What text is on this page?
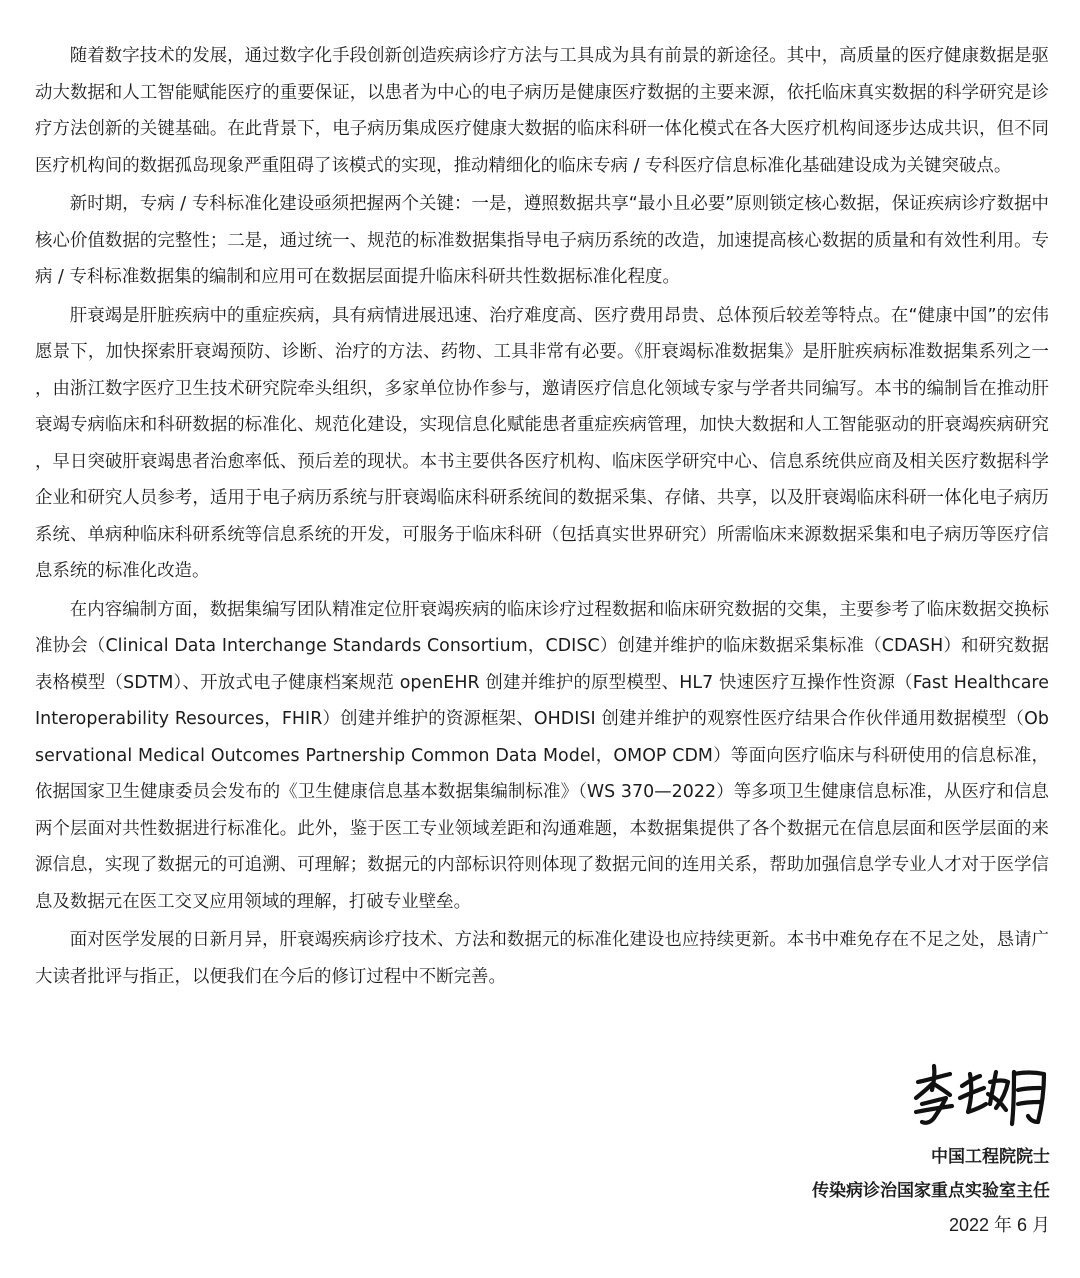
随着数字技术的发展，通过数字化手段创新创造疾病诊疗方法与工具成为具有前景的新途径。其中，高质量的医疗健康数据是驱动大数据和人工智能赋能医疗的重要保证，以患者为中心的电子病历是健康医疗数据的主要来源，依托临床真实数据的科学研究是诊疗方法创新的关键基础。在此背景下，电子病历集成医疗健康大数据的临床科研一体化模式在各大医疗机构间逐步达成共识，但不同医疗机构间的数据孤岛现象严重阻碍了该模式的实现，推动精细化的临床专病 / 专科医疗信息标准化基础建设成为关键突破点。

新时期，专病 / 专科标准化建设亟须把握两个关键：一是，遵照数据共享“最小且必要”原则锁定核心数据，保证疾病诊疗数据中核心价值数据的完整性；二是，通过统一、规范的标准数据集指导电子病历系统的改造，加速提高核心数据的质量和有效性利用。专病 / 专科标准数据集的编制和应用可在数据层面提升临床科研共性数据标准化程度。

肝衰竭是肝脏疾病中的重症疾病，具有病情进展迅速、治疗难度高、医疗费用昂贵、总体预后较差等特点。在“健康中国”的宏伟愿景下，加快探索肝衰竭预防、诊断、治疗的方法、药物、工具非常有必要。《肝衰竭标准数据集》是肝脏疾病标准数据集系列之一，由浙江数字医疗卫生技术研究院牵头组织，多家单位协作参与，邀请医疗信息化领域专家与学者共同编写。本书的编制旨在推动肝衰竭专病临床和科研数据的标准化、规范化建设，实现信息化赋能患者重症疾病管理，加快大数据和人工智能驱动的肝衰竭疾病研究，早日突破肝衰竭患者治愈率低、预后差的现状。本书主要供各医疗机构、临床医学研究中心、信息系统供应商及相关医疗数据科学企业和研究人员参考，适用于电子病历系统与肝衰竭临床科研系统间的数据采集、存储、共享，以及肝衰竭临床科研一体化电子病历系统、单病种临床科研系统等信息系统的开发，可服务于临床科研（包括真实世界研究）所需临床来源数据采集和电子病历等医疗信息系统的标准化改造。

在内容编制方面，数据集编写团队精准定位肝衰竭疾病的临床诊疗过程数据和临床研究数据的交集，主要参考了临床数据交换标准协会（Clinical Data Interchange Standards Consortium，CDISC）创建并维护的临床数据采集标准（CDASH）和研究数据表格模型（SDTM）、开放式电子健康档案规范 openEHR 创建并维护的原型模型、HL7 快速医疗互操作性资源（Fast Healthcare Interoperability Resources，FHIR）创建并维护的资源框架、OHDISI 创建并维护的观察性医疗结果合作伙伴通用数据模型（Observational Medical Outcomes Partnership Common Data Model，OMOP CDM）等面向医疗临床与科研使用的信息标准，依据国家卫生健康委员会发布的《卫生健康信息基本数据集编制标准》（WS 370—2022）等多项卫生健康信息标准，从医疗和信息两个层面对共性数据进行标准化。此外，鉴于医工专业领域差距和沟通难题，本数据集提供了各个数据元在信息层面和医学层面的来源信息，实现了数据元的可追溯、可理解；数据元的内部标识符则体现了数据元间的连用关系，帮助加强信息学专业人才对于医学信息及数据元在医工交叉应用领域的理解，打破专业壁垒。

面对医学发展的日新月异，肝衰竭疾病诊疗技术、方法和数据元的标准化建设也应持续更新。本书中难免存在不足之处，恳请广大读者批评与指正，以便我们在今后的修订过程中不断完善。

中国工程院院士

传染病诊治国家重点实验室主任

2022 年 6 月
